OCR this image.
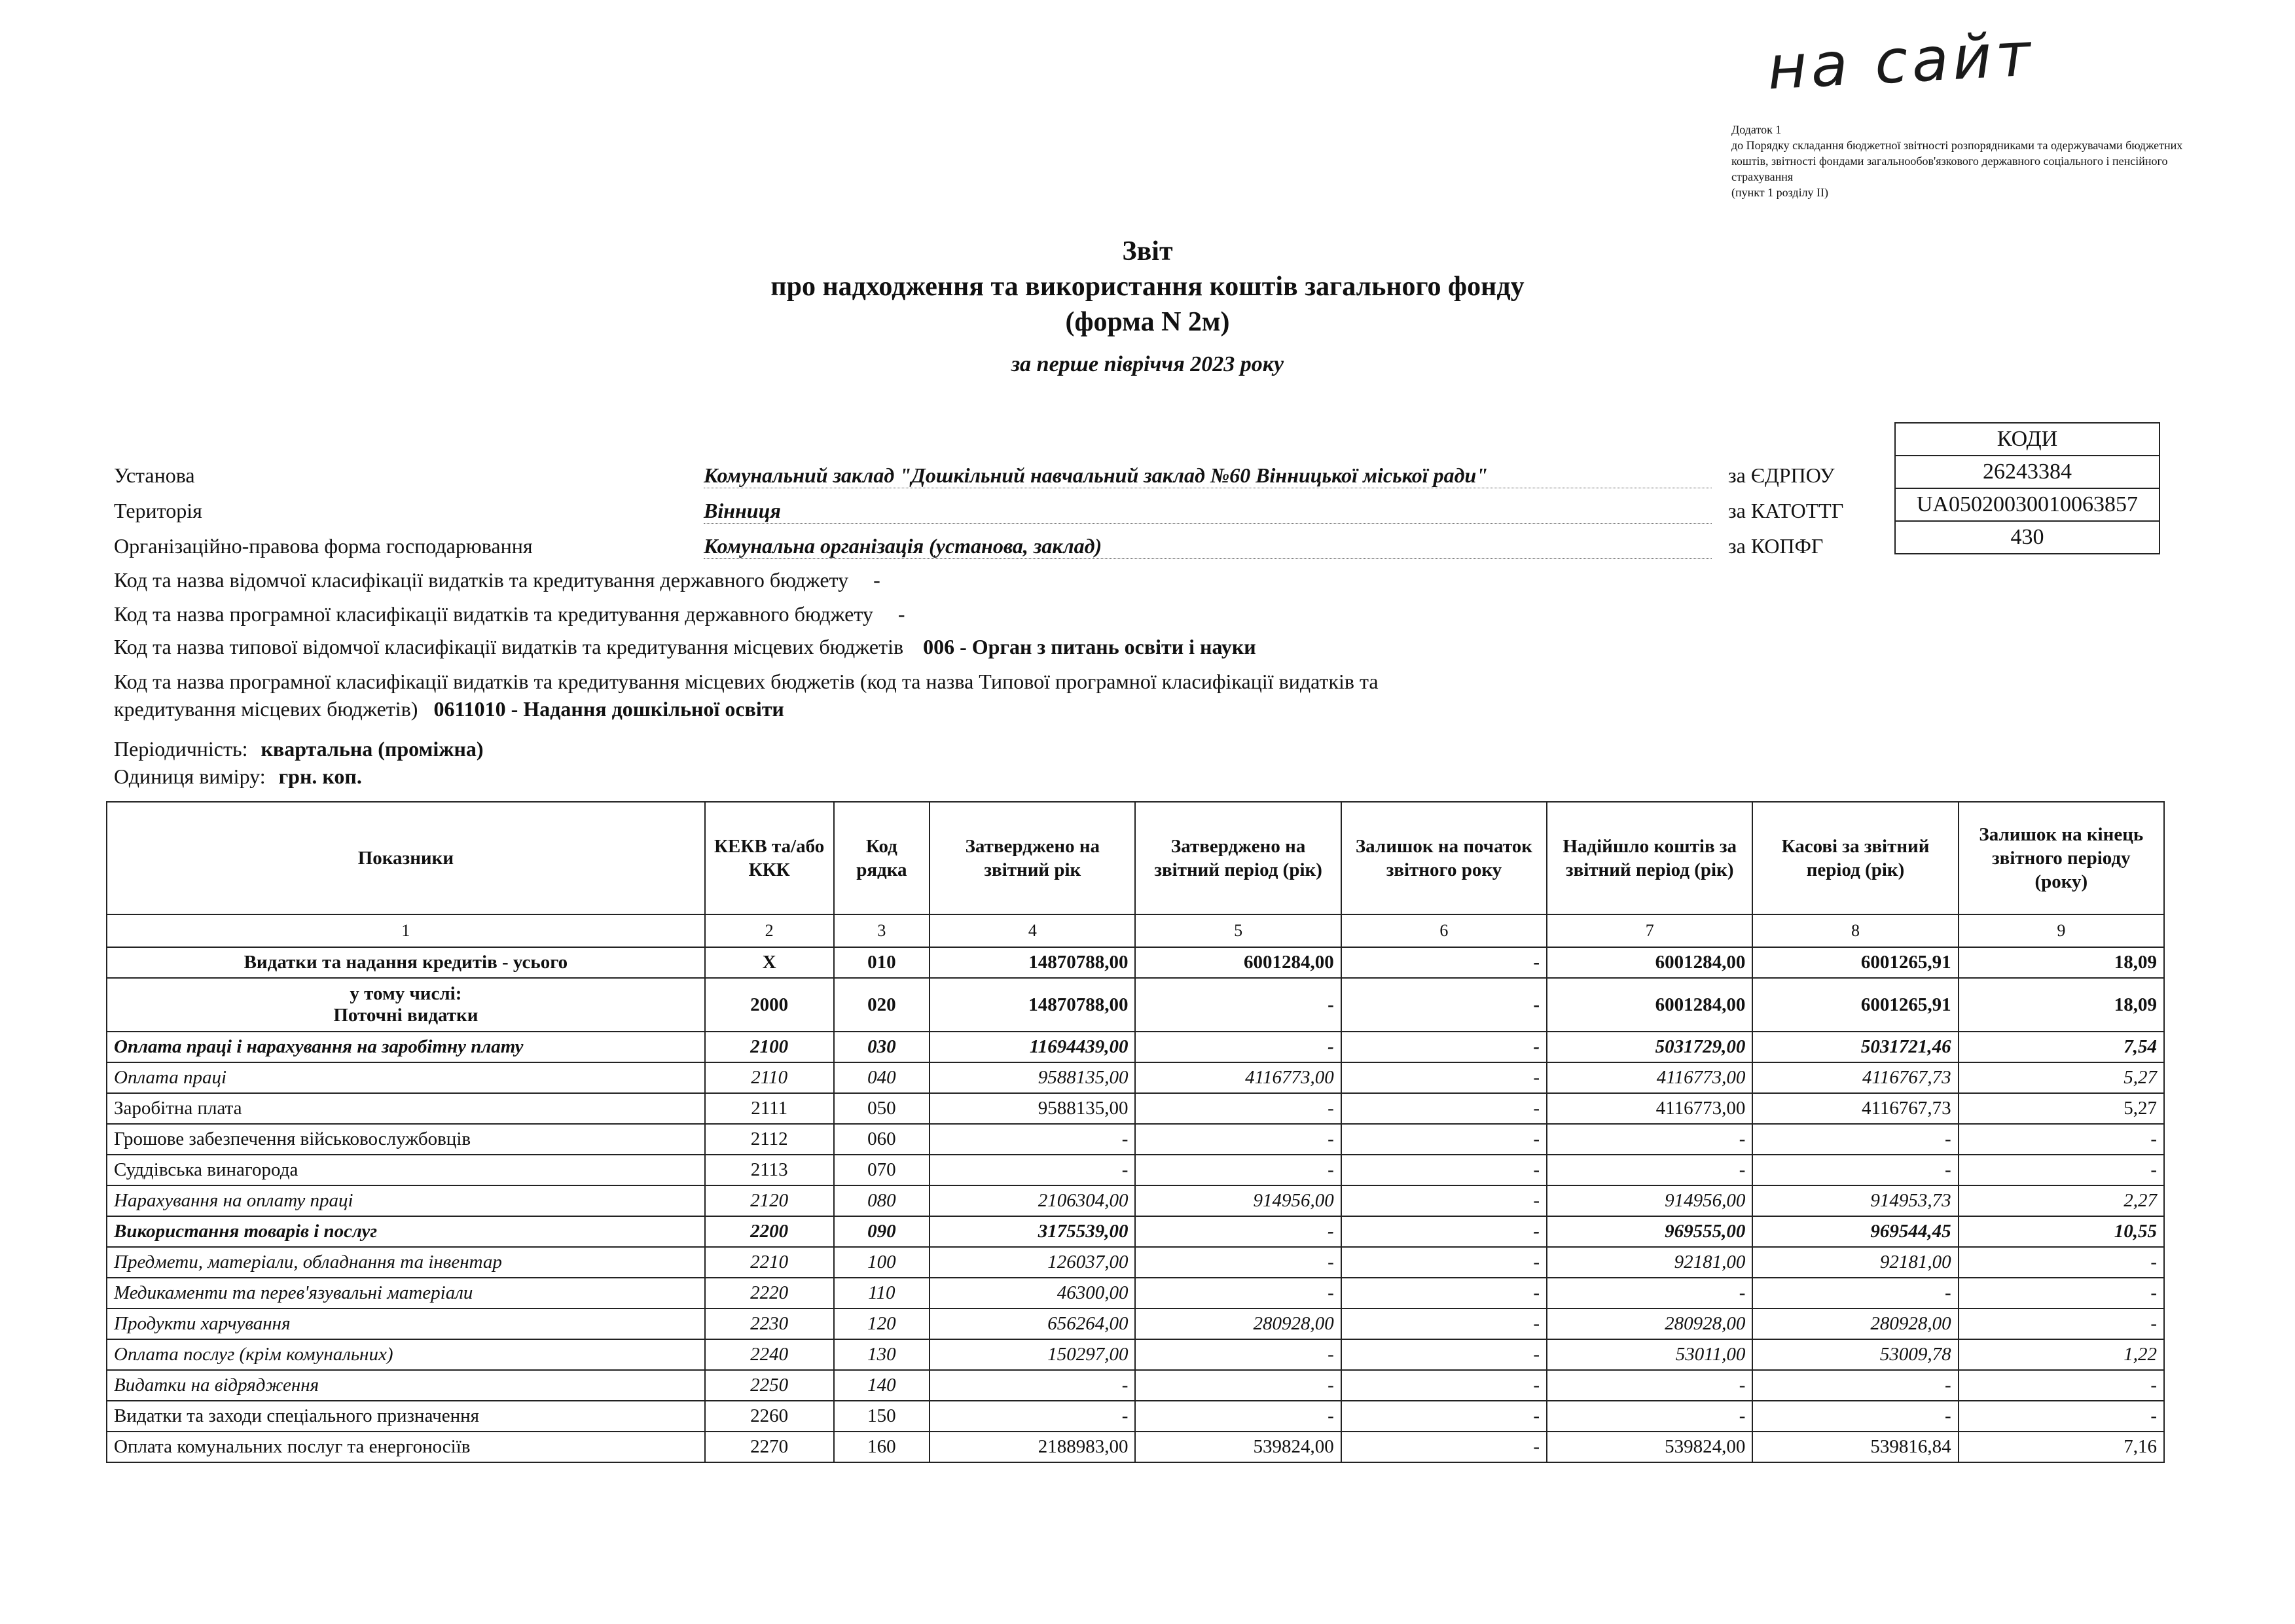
на сайт
Додаток 1
до Порядку складання бюджетної звітності розпорядниками та одержувачами бюджетних коштів, звітності фондами загальнообов'язкового державного соціального і пенсійного страхування
(пункт 1 розділу II)
Звіт
про надходження та використання коштів загального фонду
(форма N 2м)
за перше півріччя 2023 року
КОДИ
26243384
UA05020030010063857
430
Установа	Комунальний заклад "Дошкільний навчальний заклад №60 Вінницької міської ради"	за ЄДРПОУ
Територія	Вінниця	за КАТОТТГ
Організаційно-правова форма господарювання	Комунальна організація (установа, заклад)	за КОПФГ
Код та назва відомчої класифікації видатків та кредитування державного бюджету -
Код та назва програмної класифікації видатків та кредитування державного бюджету -
Код та назва типової відомчої класифікації видатків та кредитування місцевих бюджетів 006 - Орган з питань освіти і науки
Код та назва програмної класифікації видатків та кредитування місцевих бюджетів (код та назва Типової програмної класифікації видатків та
кредитування місцевих бюджетів) 0611010 - Надання дошкільної освіти
Періодичність: квартальна (проміжна)
Одиниця виміру: грн. коп.
Показники	КЕКВ та/або ККК	Код рядка	Затверджено на звітний рік	Затверджено на звітний період (рік)	Залишок на початок звітного року	Надійшло коштів за звітний період (рік)	Касові за звітний період (рік)	Залишок на кінець звітного періоду (року)
1	2	3	4	5	6	7	8	9
Видатки та надання кредитів - усього	X	010	14870788,00	6001284,00	-	6001284,00	6001265,91	18,09
у тому числі:
Поточні видатки	2000	020	14870788,00	-	-	6001284,00	6001265,91	18,09
Оплата праці і нарахування на заробітну плату	2100	030	11694439,00	-	-	5031729,00	5031721,46	7,54
Оплата праці	2110	040	9588135,00	4116773,00	-	4116773,00	4116767,73	5,27
Заробітна плата	2111	050	9588135,00	-	-	4116773,00	4116767,73	5,27
Грошове забезпечення військовослужбовців	2112	060	-	-	-	-	-	-
Суддівська винагорода	2113	070	-	-	-	-	-	-
Нарахування на оплату праці	2120	080	2106304,00	914956,00	-	914956,00	914953,73	2,27
Використання товарів і послуг	2200	090	3175539,00	-	-	969555,00	969544,45	10,55
Предмети, матеріали, обладнання та інвентар	2210	100	126037,00	-	-	92181,00	92181,00	-
Медикаменти та перев'язувальні матеріали	2220	110	46300,00	-	-	-	-	-
Продукти харчування	2230	120	656264,00	280928,00	-	280928,00	280928,00	-
Оплата послуг (крім комунальних)	2240	130	150297,00	-	-	53011,00	53009,78	1,22
Видатки на відрядження	2250	140	-	-	-	-	-	-
Видатки та заходи спеціального призначення	2260	150	-	-	-	-	-	-
Оплата комунальних послуг та енергоносіїв	2270	160	2188983,00	539824,00	-	539824,00	539816,84	7,16
